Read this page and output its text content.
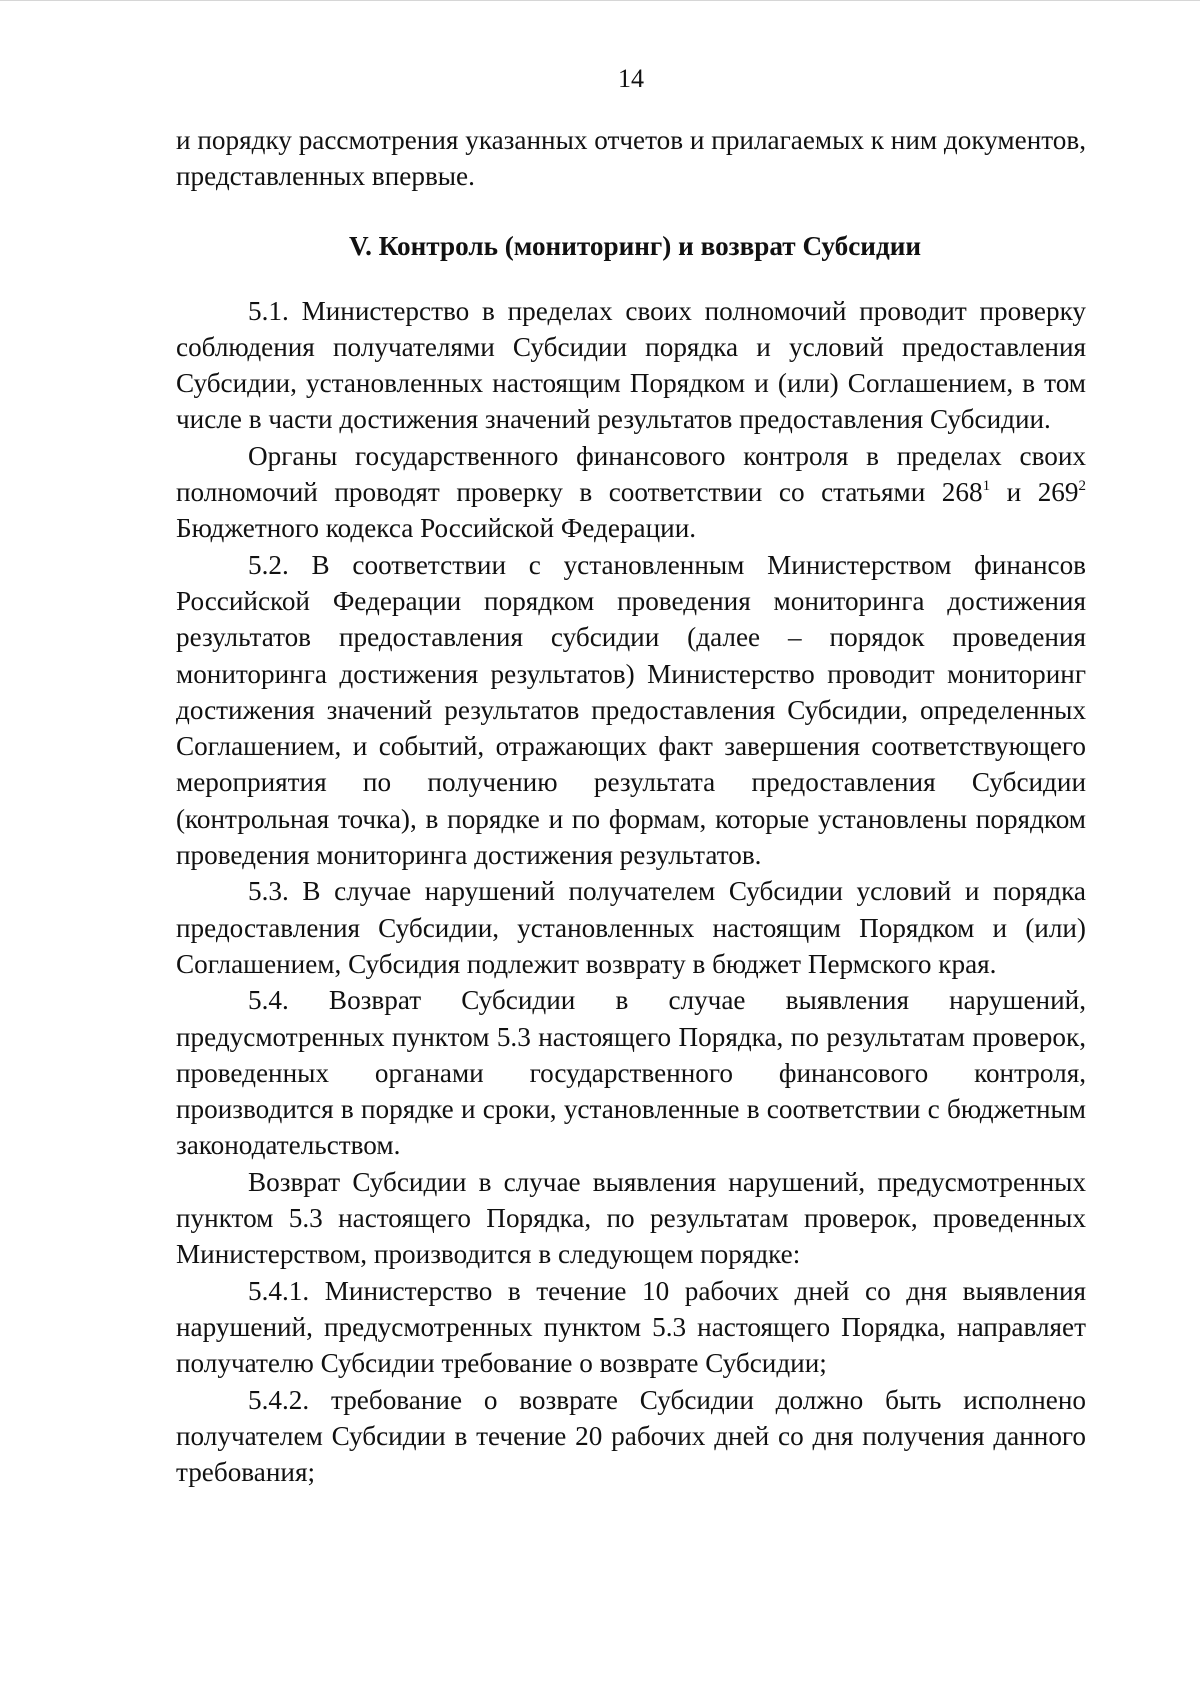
14

и порядку рассмотрения указанных отчетов и прилагаемых к ним документов, представленных впервые.

V. Контроль (мониторинг) и возврат Субсидии

5.1. Министерство в пределах своих полномочий проводит проверку соблюдения получателями Субсидии порядка и условий предоставления Субсидии, установленных настоящим Порядком и (или) Соглашением, в том числе в части достижения значений результатов предоставления Субсидии.

Органы государственного финансового контроля в пределах своих полномочий проводят проверку в соответствии со статьями $268^1$ и $269^2$ Бюджетного кодекса Российской Федерации.

5.2. В соответствии с установленным Министерством финансов Российской Федерации порядком проведения мониторинга достижения результатов предоставления субсидии (далее – порядок проведения мониторинга достижения результатов) Министерство проводит мониторинг достижения значений результатов предоставления Субсидии, определенных Соглашением, и событий, отражающих факт завершения соответствующего мероприятия по получению результата предоставления Субсидии (контрольная точка), в порядке и по формам, которые установлены порядком проведения мониторинга достижения результатов.

5.3. В случае нарушений получателем Субсидии условий и порядка предоставления Субсидии, установленных настоящим Порядком и (или) Соглашением, Субсидия подлежит возврату в бюджет Пермского края.

5.4. Возврат Субсидии в случае выявления нарушений, предусмотренных пунктом 5.3 настоящего Порядка, по результатам проверок, проведенных органами государственного финансового контроля, производится в порядке и сроки, установленные в соответствии с бюджетным законодательством.

Возврат Субсидии в случае выявления нарушений, предусмотренных пунктом 5.3 настоящего Порядка, по результатам проверок, проведенных Министерством, производится в следующем порядке:

5.4.1. Министерство в течение 10 рабочих дней со дня выявления нарушений, предусмотренных пунктом 5.3 настоящего Порядка, направляет получателю Субсидии требование о возврате Субсидии;

5.4.2. требование о возврате Субсидии должно быть исполнено получателем Субсидии в течение 20 рабочих дней со дня получения данного требования;
